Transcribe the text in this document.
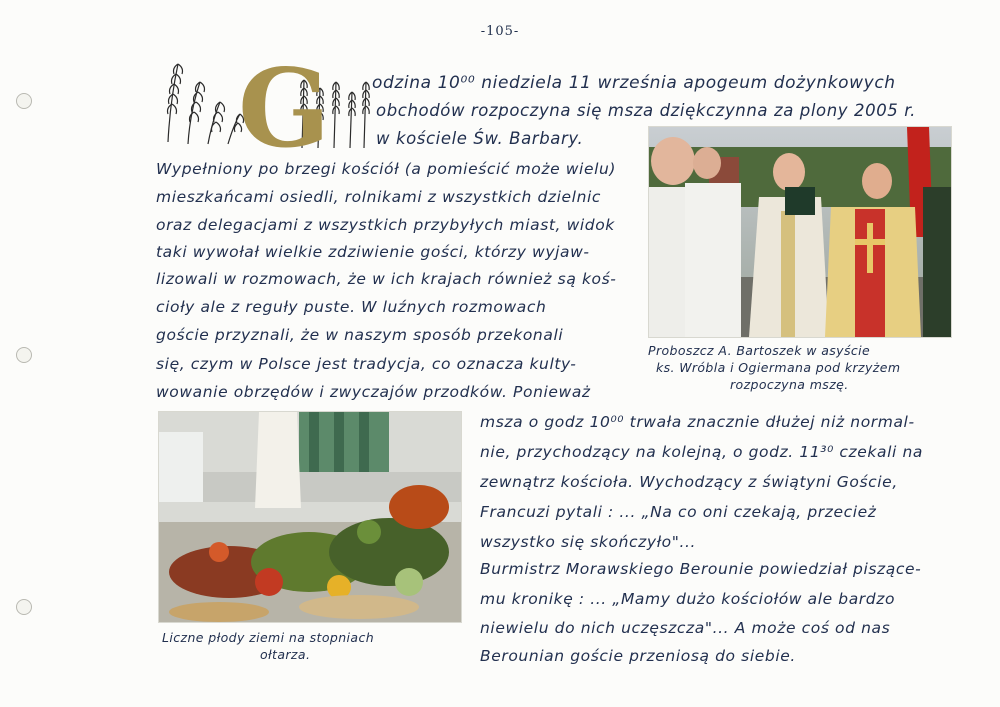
-105-
G odzina 10⁰⁰ niedziela 11 września apogeum dożynkowych
obchodów rozpoczyna się msza dziękczynna za plony 2005 r.
w kościele Św. Barbary.
Wypełniony po brzegi kościół (a pomieścić może wielu)
mieszkańcami osiedli, rolnikami z wszystkich dzielnic
oraz delegacjami z wszystkich przybyłych miast, widok
taki wywołał wielkie zdziwienie gości, którzy wyjaw-
lizowali w rozmowach, że w ich krajach również są koś-
cioły ale z reguły puste. W luźnych rozmowach
goście przyznali, że w naszym sposób przekonali
się, czym w Polsce jest tradycja, co oznacza kulty-
wowanie obrzędów i zwyczajów przodków. Ponieważ
Proboszcz A. Bartoszek w asyście
ks. Wróbla i Ogiermana pod krzyżem
rozpoczyna mszę.
Liczne płody ziemi na stopniach
ołtarza.
msza o godz 10⁰⁰ trwała znacznie dłużej niż normal-
nie, przychodzący na kolejną, o godz. 11³⁰ czekali na
zewnątrz kościoła. Wychodzący z świątyni Goście,
Francuzi pytali : ... „Na co oni czekają, przecież
wszystko się skończyło"...
Burmistrz Morawskiego Berounie powiedział piszące-
mu kronikę : ... „Mamy dużo kościołów ale bardzo
niewielu do nich uczęszcza"... A może coś od nas
Berounian goście przeniosą do siebie.
